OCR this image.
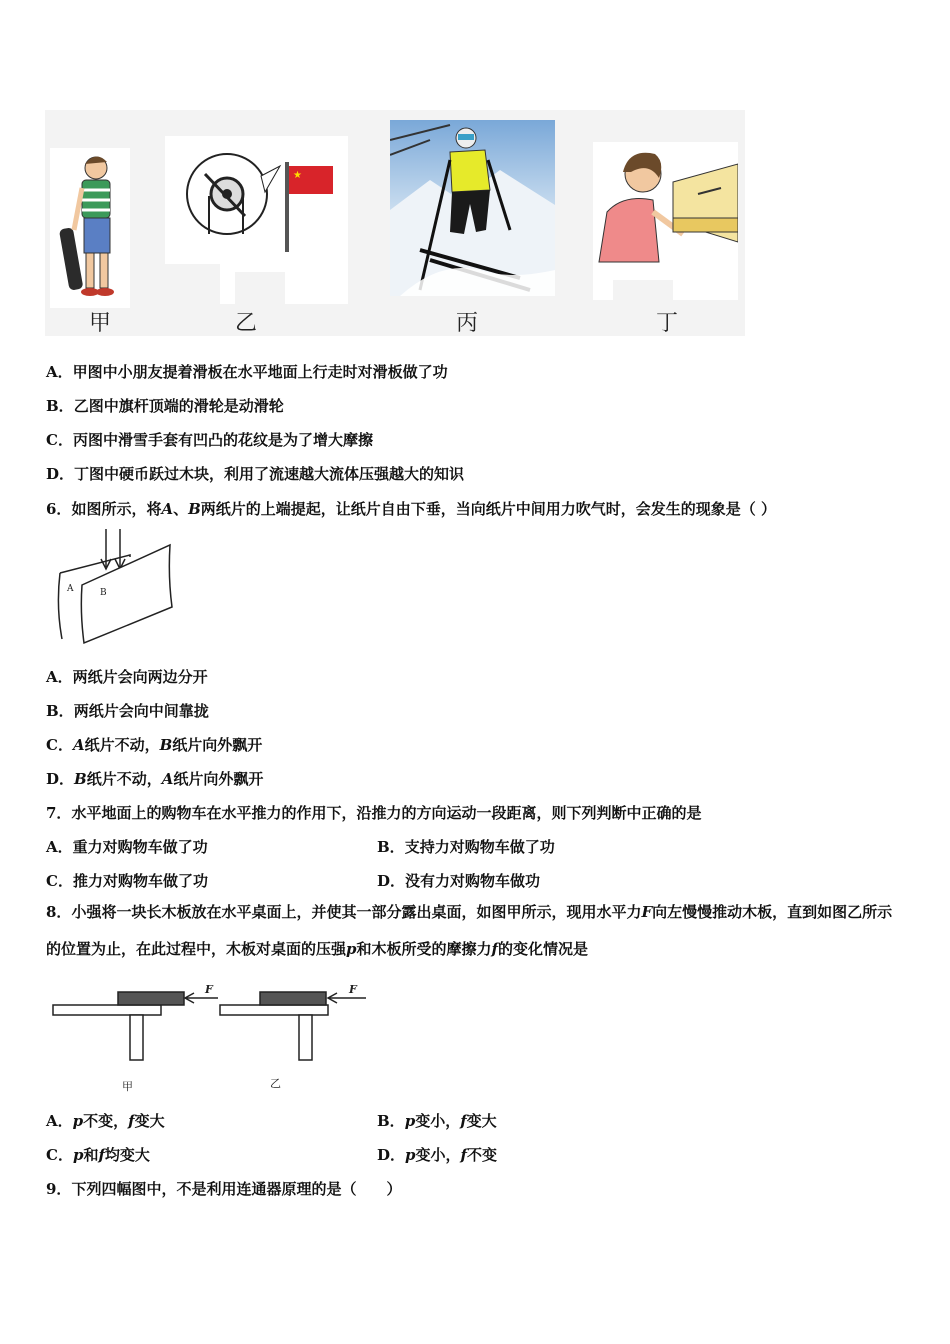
甲
★
乙	丙	丁
A．甲图中小朋友提着滑板在水平地面上行走时对滑板做了功
B．乙图中旗杆顶端的滑轮是动滑轮
C．丙图中滑雪手套有凹凸的花纹是为了增大摩擦
D．丁图中硬币跃过木块，利用了流速越大流体压强越大的知识
6．如图所示，将A、B两纸片的上端提起，让纸片自由下垂，当向纸片中间用力吹气时，会发生的现象是（ ）
A	B
A．两纸片会向两边分开
B．两纸片会向中间靠拢
C．A纸片不动，B纸片向外飘开
D．B纸片不动，A纸片向外飘开
7．水平地面上的购物车在水平推力的作用下，沿推力的方向运动一段距离，则下列判断中正确的是
A．重力对购物车做了功	B．支持力对购物车做了功
C．推力对购物车做了功	D．没有力对购物车做功
8．小强将一块长木板放在水平桌面上，并使其一部分露出桌面，如图甲所示，现用水平力F向左慢慢推动木板，直到如图乙所示的位置为止，在此过程中，木板对桌面的压强p和木板所受的摩擦力f的变化情况是
F
甲
F
乙
A．p不变，f变大	B．p变小，f变大
C．p和f均变大	D．p变小，f不变
9．下列四幅图中，不是利用连通器原理的是（　　）
